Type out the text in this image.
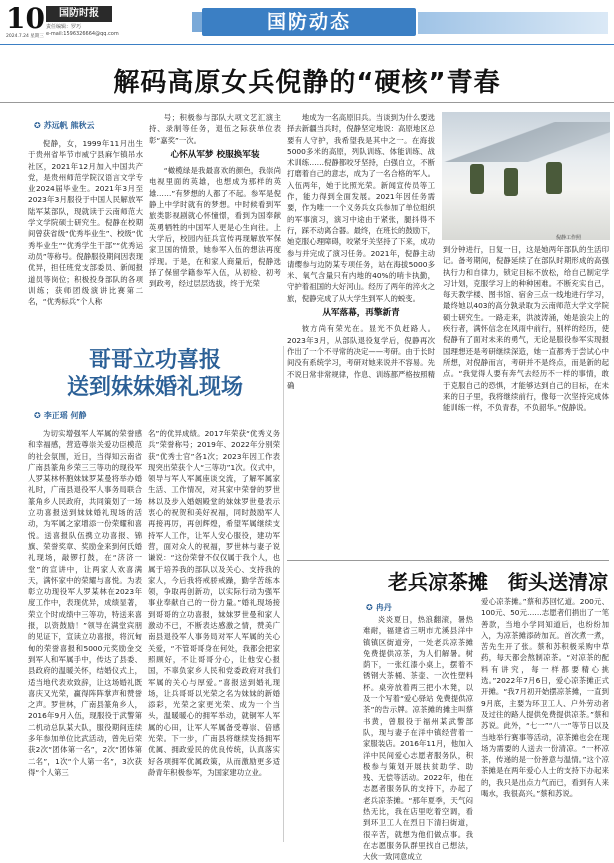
10
2024.7.24 星期三
国防时报
责任编辑：罗巧
e-mail:1596326664@qq.com
国防动态
解码高原女兵倪静的“硬核”青春
✪ 苏远帆 熊秋云

倪静，女，1999年11月出生于贵州省毕节市威宁县麻乍镇吊水社区，2021年12月加入中国共产党，是贵州师范学院汉语言文学专业2024届毕业生。2021年3月至2023年3月服役于中国人民解放军陆军某部队，现就读于云南师范大学文学院硕士研究生。倪静在校期间曾获省级“优秀毕业生”、校级“优秀毕业生”“优秀学生干部”“优秀运动员”等称号。倪静服役期间因表现优异，担任班党支部委员、新闻报道员等岗位；积极投身部队的各项训练；获师团级演讲比赛第二名，“优秀标兵”个人称

号；积极参与部队大项文艺汇演主持、录制等任务，退伍之际获单位表彰“嘉奖”一次。

心怀从军梦 校服换军装

“橄榄绿是我最喜欢的颜色，我崇尚电视里面的英雄，也想成为那样的英雄……”有梦想的人都了不起。参军是倪静上中学时就有的梦想。中时候看到军旅类影视剧就心怀憧憬，看到为国奉献英勇牺牲的中国军人更是心生向往。上大学后，校园内征兵宣传再现解放军保家卫国的情景，她参军入伍的想法再度浮现。于是，在和家人商量后，倪静选择了保留学籍参军入伍，从初检、初考到政考，经过层层选拔，终于光荣

地成为一名高原旧兵。当谈到为什么要选择去新疆当兵时，倪静坚定地说：高原地区总要有人守护，我希望我是其中之一。在海拔5000多米的高原，列队训练、体能训练、战术训练……倪静都咬牙坚持，白强自立，不断打磨着自己的意志，成为了一名合格的军人。入伍两年，她于比照光荣。新闻宣传员等工作，能力得到全面发展。2021年因任务需要，作为唯一一个义务兵女兵参加了单位组织的军事演习，演习中途由于紧张，腿抖得不行，踩不动离合器。最终，在班长的鼓励下，她克服心理障碍，咬紧牙关坚持了下来，成功参与并完成了演习任务。2021年，倪静主动请缨参与边防某专项任务，站在海拔5000多米、氧气含量只有内地的40%的哨卡执勤，守护着祖国的大好河山。经历了两年的淬火之旅，倪静完成了从大学生到军人的蜕变。

从军落幕，再擎新青

彼方尚有荣光在。显光不负赶路人。2023年3月，从部队退役复学后，倪静再次作出了一个不寻常的决定——考研。由于长时间没有系统学习，考研对她来说并不容易。先不说日常非常规律，作息、训练都严格按照精确

倪静工作照

到分钟进行，日复一日，这是她两年部队的生活印记。备考期间，倪静延续了在部队时期形成的高强执行力和自律力，锁定目标不放松，给自己制定学习计划，克服学习上的种种困难。不断充实自己，每天教学楼、图书馆、宿舍三点一线地进行学习，最终她以403的高分孰录取为云南师范大学文学院硕士研究生。一路走来，洪波涛涌，她是浪尖上的疾行者，满怀信念在风雨中前行，别样的经历，使倪静有了面对未来的勇气，无论是服役参军实现报国理想还是考研继续深造，她一直都秀于尝试心中所想，对倪静而言，考研并不是终点，而是新的起点。“我觉得人要有奔气去经历不一样的事情，敢于克服自己的恐惧，才能够达到自己的目标，在未来的日子里，我将继续前行，像每一次坚持完成体能训练一样，不负青春，不负韶华。”倪静说。

哥哥立功喜报
送到妹妹婚礼现场
✪ 李正瑶 何静

为切实增强军人军属的荣誉感和幸福感，营造尊崇关爱功臣模范的社会氛围，近日，当得知云南省广南县篆角乡荣三三等功的现役军人罗某林杯胞妹妹罗某曼将举办婚礼时，广南县退役军人事务局联合篆角乡人民政府，共同策划了一场立功喜报送到妹妹婚礼现场的活动，为军属之家增添一份荣耀和喜悦。送喜报队伍携立功喜报、锦旗、荣誉奖章、奖励金来到何氏婚礼现场，敲锣打鼓，在“济济一堂”的宣讲中，让两家人欢喜满天，满怀家中的荣耀与喜悦。为表彰立功现役军人罗某林在2023年度工作中，表现优异，成绩显著，荣立个时成绩中三等功，特送来喜报，以资鼓励！”领导在满堂宾朋的见证下，宣读立功喜报，将沉甸甸的荣誉喜报和5000元奖励金交到军人和军属手中，传达了县委、县政府的温暖关怀，结婚仪式上，适当地代表欢致辞，让这场婚礼既喜庆又光荣，赢得阵阵掌声和赞誉之声。罗世林，广南县篆角乡人，2016年9月入伍，现服役于武警第二机动总队某大队，服役期间连续多年参加单位比武活动，曾先后荣获2次“团体第一名”，2次“团体第二名”，1次“个人第一名”，3次获得“个人第三

名”的优异成绩。2017年荣获“优秀义务兵”荣誉称号；2019年、2022年分别荣获“优秀士官”各1次；2023年因工作表现突出荣获个人“三等功”1次。仪式中，领导与军人军属座谈交流，了解军属家生活、工作情况，对其家中荣誉的罗世林以及步入婚姻殿堂的妹妹罗世曼表示衷心的祝贺和美好祝福，同时鼓励军人再接再厉，再创辉煌，希望军属继续支持军人工作，让军人安心服役，建功军营，面对众人的祝福，罗世林与妻子说谦说：“这份荣誉不仅仅属于我个人，也属于培养我的部队以及关心、支持我的家人，今后我将戒骄戒躁，勤学苦练本领，争取再创新功，以实际行动为强军事业奉献自己的一份力量。”婚礼现场接到哥哥的立功喜报，妹妹罗世曼和家人激动不已，不断表达感激之情，赞美广南县退役军人事务局对军人军属的关心关爱，“不管哥哥身在何处，我都会把家照顾好，不让哥哥分心，让他安心报国，不辜负家乡人民和党委政府对我们军属的关心与厚爱。”喜报送到婚礼现场，让兵哥哥以光荣之名为妹妹的新婚添彩，光荣之家更光荣、成为一个当头，温暖暖心的拥军举动，就铜军人军属的心田，让军人军属备受尊崇、倍感光荣。下一步，广南县将继续发扬拥军优属、拥政爱民的优良传统，认真落实好各项拥军优属政策，从而激励更多适龄青年积极参军，为国家建功立业。

老兵凉茶摊 街头送清凉
✪ 冉丹

炎炎夏日，热浪翻滚，暑热难耐，福建省三明市尤溪县洋中镇镇区街道旁，一处老兵凉茶摊免费提供凉茶，为人们解暑。树荫下，一张红漆小桌上，摆着不锈钢大茶桶、茶壶、一次性塑料杯。桌旁放着两三把小木凳，以及一个写着“爱心驿站 免费提供凉茶”的告示牌。凉茶摊的摊主叫蔡书黄，曾服役于福州某武警部队，现与妻子在洋中镇经营着一家服装店。2016年11月，他加入洋中民间爱心志愿者服务队，积极参与策划开展扶贫助学、助残、无偿等活动。2022年，他在志愿者服务队的支持下，办起了老兵凉茶摊。“那年夏季，天气闷热无比，我在店里吃着空调，看到环卫工人在烈日下清扫街道，很辛苦，就想为他们做点事。我在志愿服务队群里找自己想法，大伙一致同意成立

爱心凉茶摊。”蔡和苏回忆道。200元、100元、50元……志愿者们捐出了一笔善款，当地小学同知道后，也纷纷加入，为凉茶摊添砖加瓦。首次煮一煮，苦先生开了张。蔡和苏积极采购中草药，每天都会熬制凉茶。“对凉茶的配料有讲究，每一样都要精心挑选。”2022年7月6日，爱心凉茶摊正式开摊。“我7月初开始摆凉茶摊，一直到9月底，主要为环卫工人、户外劳动者及过往的路人提供免费提供凉茶。”蔡和苏说。此外，“七一”“八一”等节日以及当地举行赛事等活动，凉茶摊也会在现场为需要的人送去一份清凉。“一杯凉茶，传递的是一份善意与温情。”这个凉茶摊是在两年爱心人士的支持下办起来的，我只是出点力气而已，看到有人来喝水，我很高兴。”蔡和苏说。
